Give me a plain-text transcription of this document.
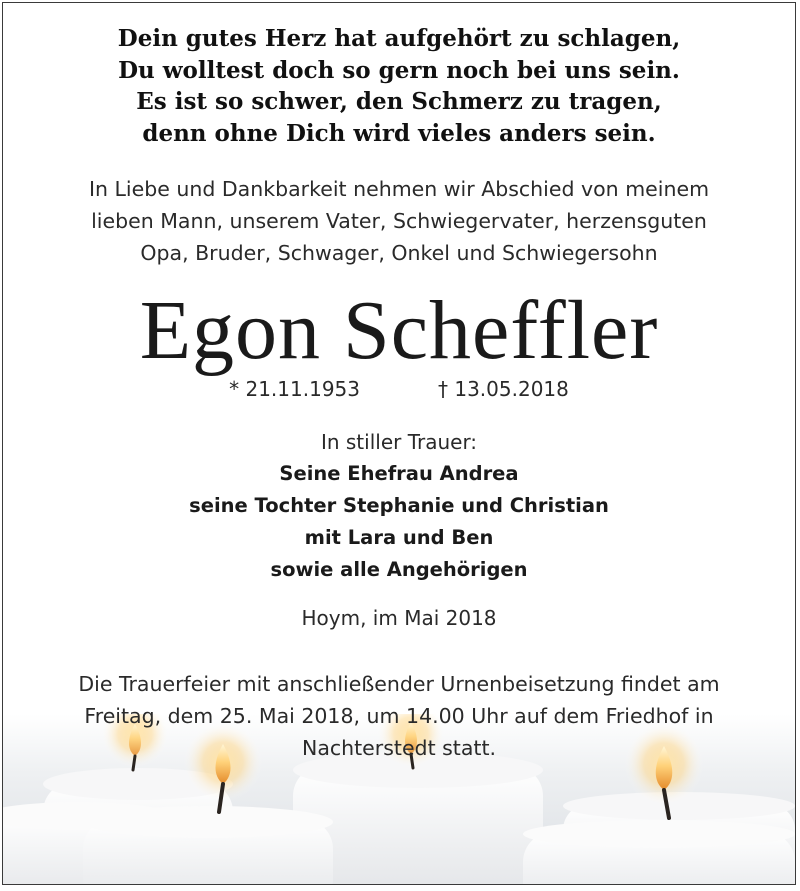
Dein gutes Herz hat aufgehört zu schlagen,
Du wolltest doch so gern noch bei uns sein.
Es ist so schwer, den Schmerz zu tragen,
denn ohne Dich wird vieles anders sein.
In Liebe und Dankbarkeit nehmen wir Abschied von meinem
lieben Mann, unserem Vater, Schwiegervater, herzensguten
Opa, Bruder, Schwager, Onkel und Schwiegersohn
Egon Scheffler
* 21.11.1953	† 13.05.2018
In stiller Trauer:
Seine Ehefrau Andrea
seine Tochter Stephanie und Christian
mit Lara und Ben
sowie alle Angehörigen
Hoym, im Mai 2018
Die Trauerfeier mit anschließender Urnenbeisetzung findet am
Freitag, dem 25. Mai 2018, um 14.00 Uhr auf dem Friedhof in
Nachterstedt statt.
